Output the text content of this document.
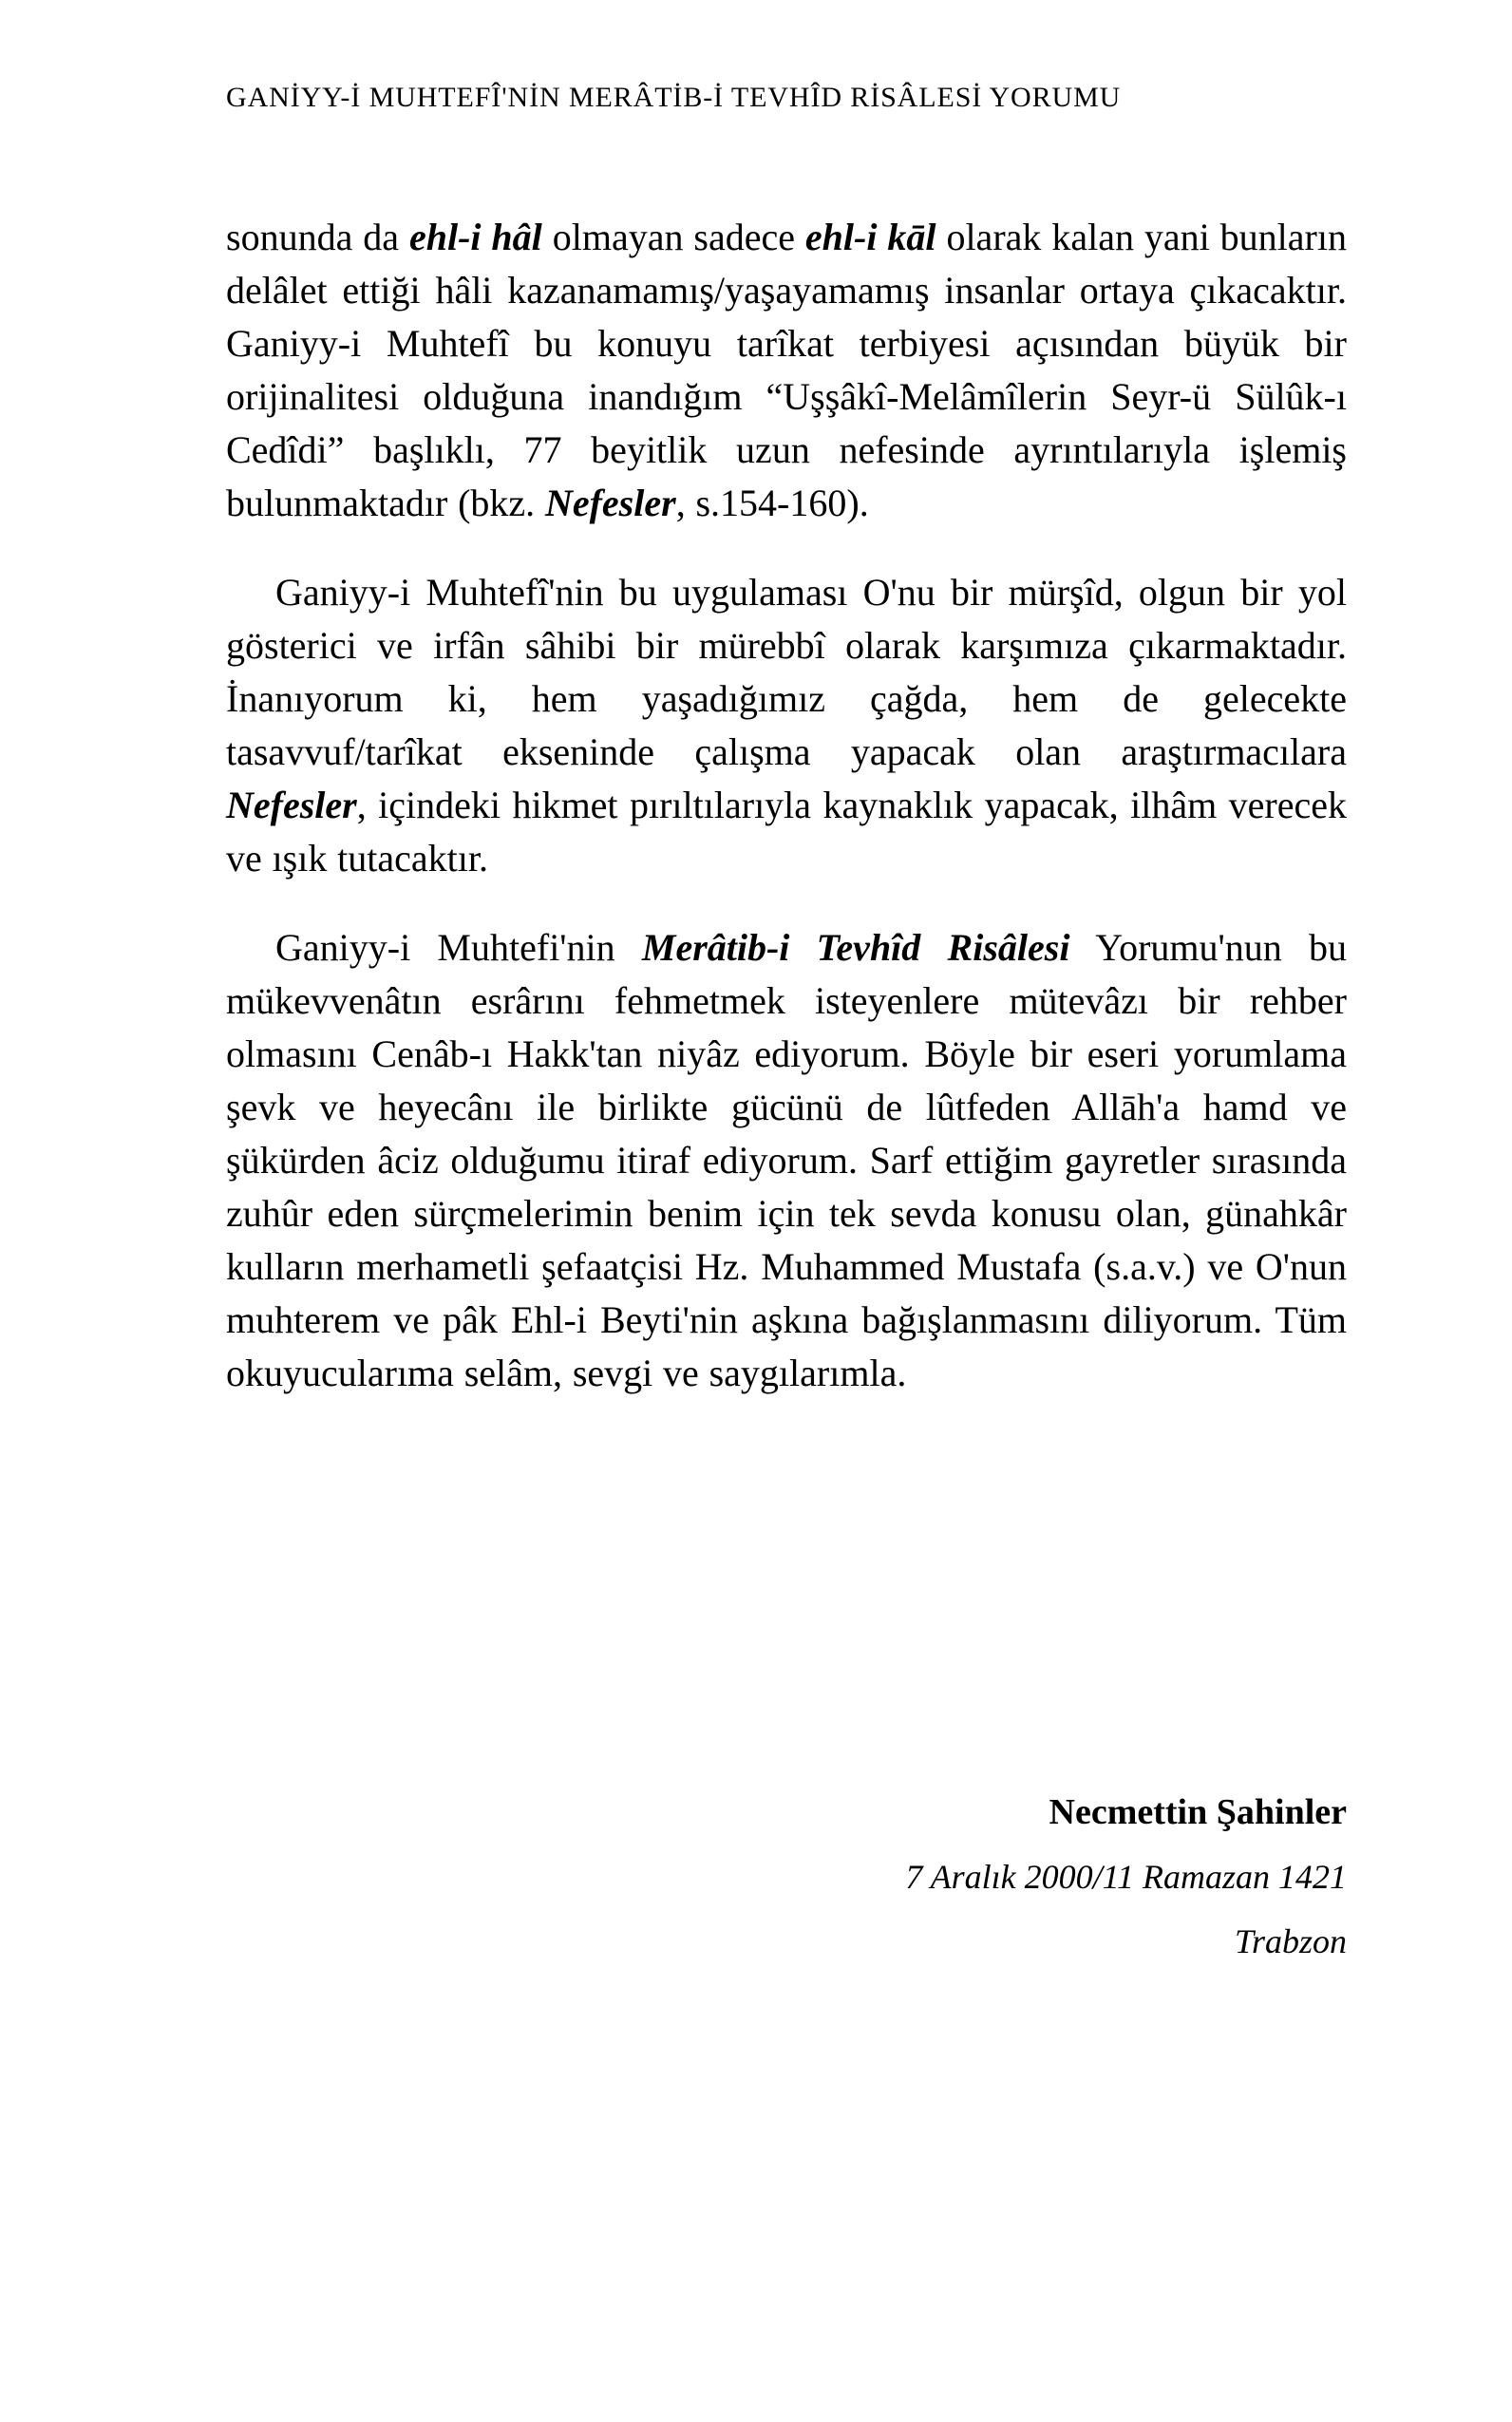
GANİYY-İ MUHTEFÎ'NİN MERÂTİB-İ TEVHÎD RİSÂLESİ YORUMU

sonunda da ehl-i hâl olmayan sadece ehl-i kāl olarak kalan yani bunların delâlet ettiği hâli kazanamamış/yaşayamamış insanlar ortaya çıkacaktır. Ganiyy-i Muhtefî bu konuyu tarîkat terbiyesi açısından büyük bir orijinalitesi olduğuna inandığım “Uşşâkî-Melâmîlerin Seyr-ü Sülûk-ı Cedîdi” başlıklı, 77 beyitlik uzun nefesinde ayrıntılarıyla işlemiş bulunmaktadır (bkz. Nefesler, s.154-160).

Ganiyy-i Muhtefî'nin bu uygulaması O'nu bir mürşîd, olgun bir yol gösterici ve irfân sâhibi bir mürebbî olarak karşımıza çıkarmaktadır. İnanıyorum ki, hem yaşadığımız çağda, hem de gelecekte tasavvuf/tarîkat ekseninde çalışma yapacak olan araştırmacılara Nefesler, içindeki hikmet pırıltılarıyla kaynaklık yapacak, ilhâm verecek ve ışık tutacaktır.

Ganiyy-i Muhtefi'nin Merâtib-i Tevhîd Risâlesi Yorumu'nun bu mükevvenâtın esrârını fehmetmek isteyenlere mütevâzı bir rehber olmasını Cenâb-ı Hakk'tan niyâz ediyorum. Böyle bir eseri yorumlama şevk ve heyecânı ile birlikte gücünü de lûtfeden Allāh'a hamd ve şükürden âciz olduğumu itiraf ediyorum. Sarf ettiğim gayretler sırasında zuhûr eden sürçmelerimin benim için tek sevda konusu olan, günahkâr kulların merhametli şefaatçisi Hz. Muhammed Mustafa (s.a.v.) ve O'nun muhterem ve pâk Ehl-i Beyti'nin aşkına bağışlanmasını diliyorum. Tüm okuyucularıma selâm, sevgi ve saygılarımla.

Necmettin Şahinler
7 Aralık 2000/11 Ramazan 1421
Trabzon
